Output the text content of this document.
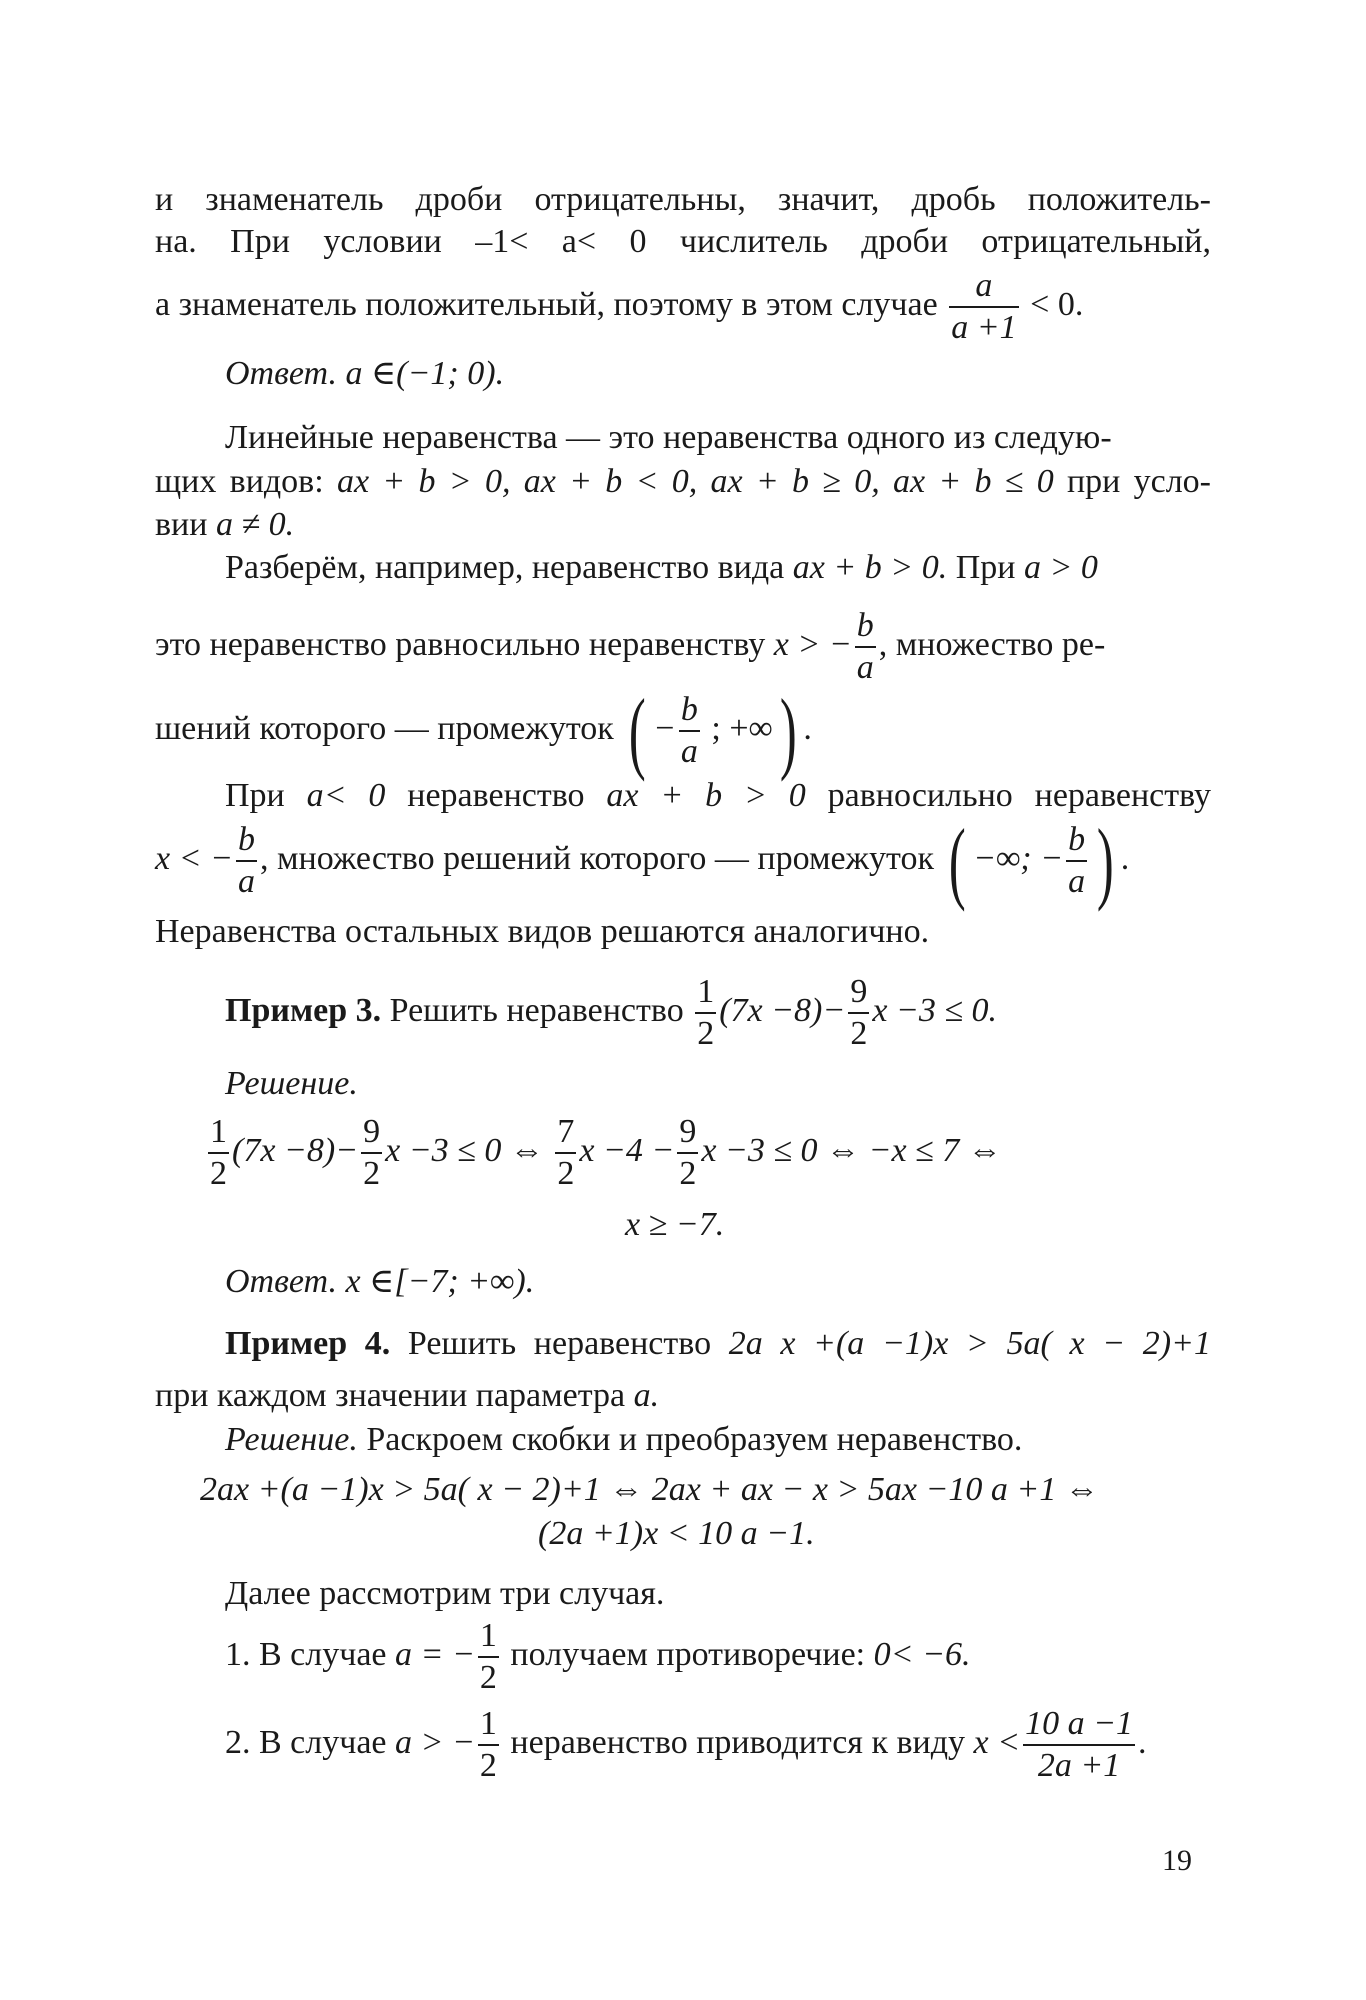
и знаменатель дроби отрицательны, значит, дробь положитель-
на. При условии –1< a< 0 числитель дроби отрицательный,
а знаменатель положительный, поэтому в этом случае $\frac{a}{a +1} < 0$.
Ответ. a ∈(−1; 0).
Линейные неравенства — это неравенства одного из следую-
щих видов: ax + b > 0, ax + b < 0, ax + b ≥ 0, ax + b ≤ 0 при усло-
вии a ≠ 0.
Разберём, например, неравенство вида ax + b > 0. При a > 0
это неравенство равносильно неравенству x > − $\frac{b}{a}$ , множество ре-
шений которого — промежуток ( − $\frac{b}{a}$ ; +∞) .
При a< 0 неравенство ax + b > 0 равносильно неравенству
x < − $\frac{b}{a}$ , множество решений которого — промежуток ( −∞; − $\frac{b}{a}$ ) .
Неравенства остальных видов решаются аналогично.
Пример 3. Решить неравенство $\frac{1}{2} (7x -8)- \frac{9}{2}$ x −3 ≤ 0.
Решение.
$\frac{1}{2} (7x -8)- \frac{9}{2}$ x −3 ≤ 0 ⇔ $\frac{7}{2}$ $x -4 - \frac{9}{2}$ x −3 ≤ 0 ⇔ −x ≤ 7 ⇔
x ≥ −7.
Ответ. x ∈[−7; +∞).
Пример 4. Решить неравенство 2a x +(a −1)x > 5a( x − 2)+1
при каждом значении параметра a.
Решение. Раскроем скобки и преобразуем неравенство.
2ax +(a −1)x > 5a( x − 2)+1 ⇔ 2ax + ax − x > 5ax −10 a +1 ⇔
(2a +1)x < 10 a −1.
Далее рассмотрим три случая.
1. В случае a = − $\frac{1}{2}$ получаем противоречие: 0< −6.
2. В случае a > − $\frac{1}{2}$ неравенство приводится к виду $x < \frac{10 a -1}{2a +1}$ .
19
